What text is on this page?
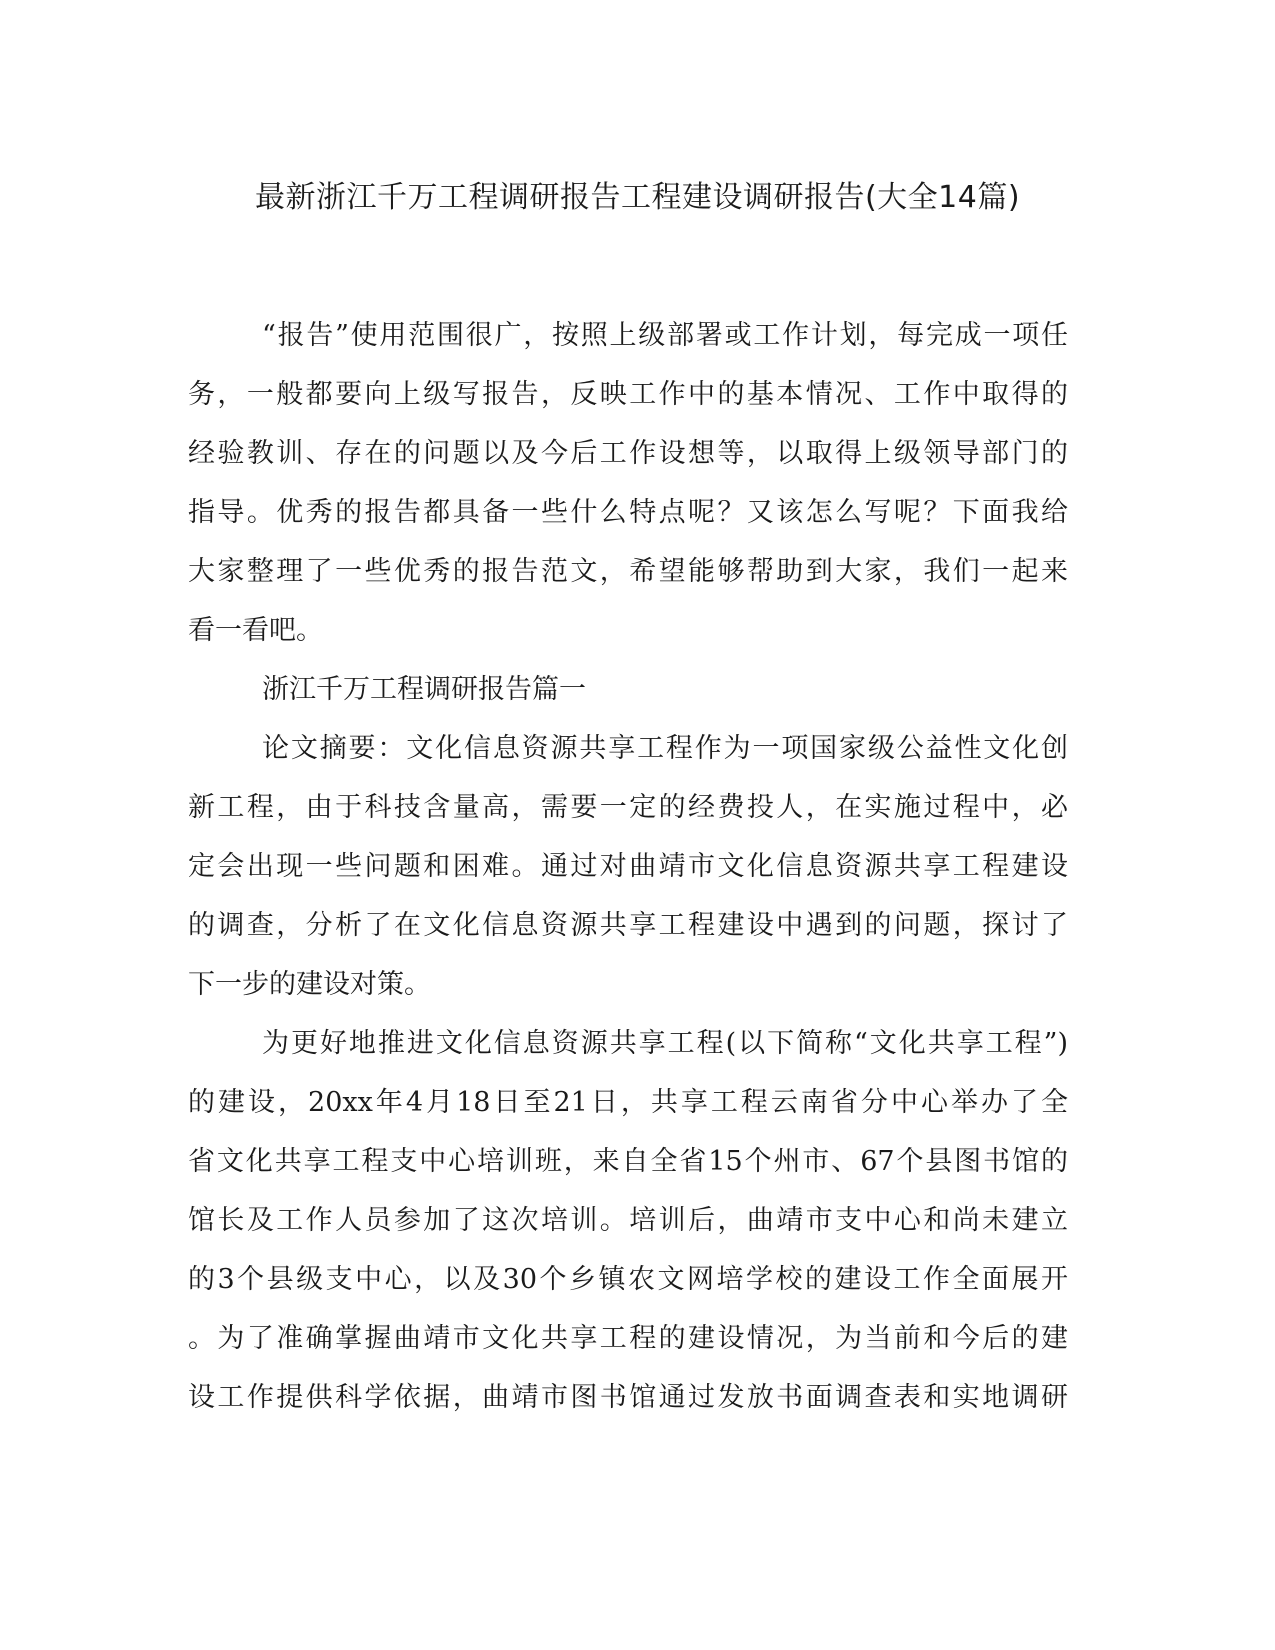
最新浙江千万工程调研报告工程建设调研报告(大全14篇)
“报告”使用范围很广，按照上级部署或工作计划，每完成一项任
务，一般都要向上级写报告，反映工作中的基本情况、工作中取得的
经验教训、存在的问题以及今后工作设想等，以取得上级领导部门的
指导。优秀的报告都具备一些什么特点呢？又该怎么写呢？下面我给
大家整理了一些优秀的报告范文，希望能够帮助到大家，我们一起来
看一看吧。
浙江千万工程调研报告篇一
论文摘要：文化信息资源共享工程作为一项国家级公益性文化创
新工程，由于科技含量高，需要一定的经费投人，在实施过程中，必
定会出现一些问题和困难。通过对曲靖市文化信息资源共享工程建设
的调查，分析了在文化信息资源共享工程建设中遇到的问题，探讨了
下一步的建设对策。
为更好地推进文化信息资源共享工程(以下简称“文化共享工程”)
的建设，20xx年4月18日至21日，共享工程云南省分中心举办了全
省文化共享工程支中心培训班，来自全省15个州市、67个县图书馆的
馆长及工作人员参加了这次培训。培训后，曲靖市支中心和尚未建立
的3个县级支中心，以及30个乡镇农文网培学校的建设工作全面展开
。为了准确掌握曲靖市文化共享工程的建设情况，为当前和今后的建
设工作提供科学依据，曲靖市图书馆通过发放书面调查表和实地调研
